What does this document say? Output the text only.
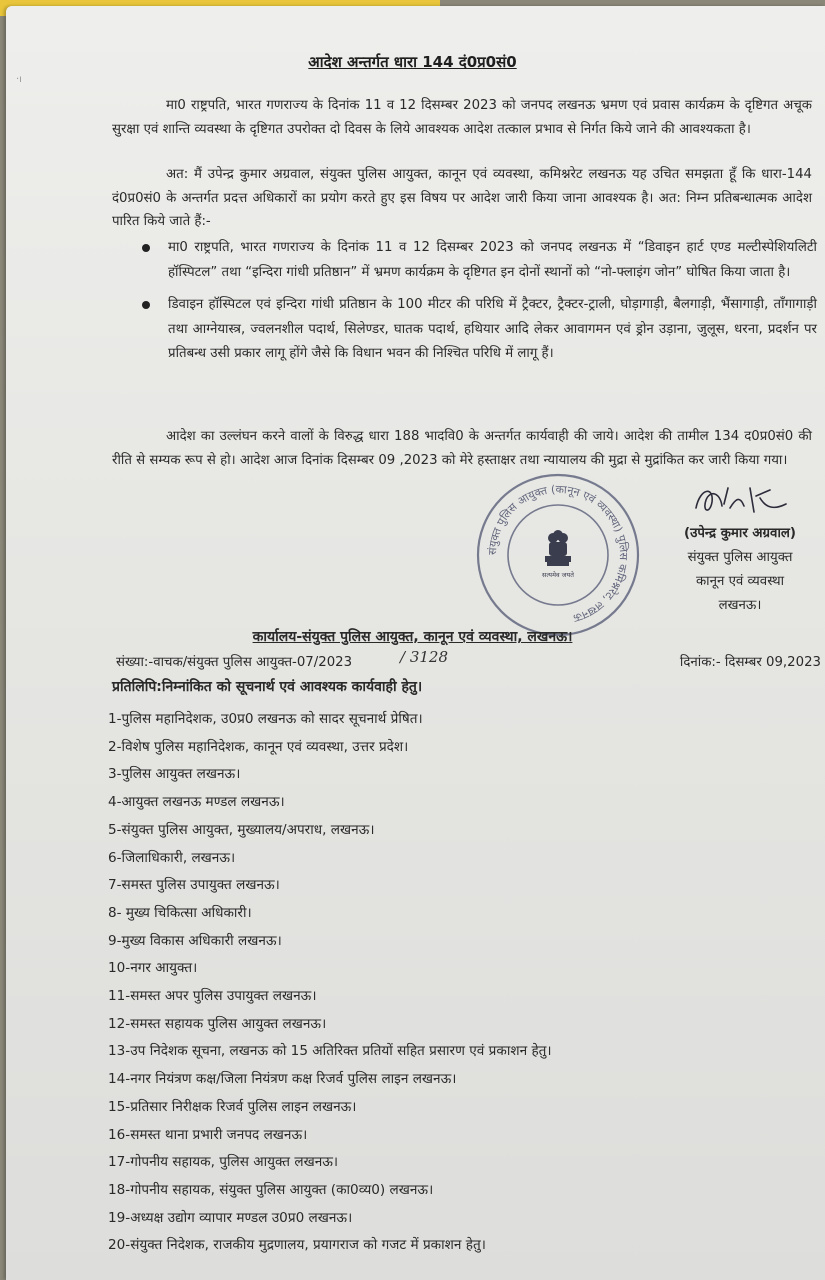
·ı
आदेश अन्तर्गत धारा 144 दं0प्र0सं0

मा0 राष्ट्रपति, भारत गणराज्य के दिनांक 11 व 12 दिसम्बर 2023 को जनपद लखनऊ भ्रमण एवं प्रवास कार्यक्रम के दृष्टिगत अचूक सुरक्षा एवं शान्ति व्यवस्था के दृष्टिगत उपरोक्त दो दिवस के लिये आवश्यक आदेश तत्काल प्रभाव से निर्गत किये जाने की आवश्यकता है।

अत: मैं उपेन्द्र कुमार अग्रवाल, संयुक्त पुलिस आयुक्त, कानून एवं व्यवस्था, कमिश्नरेट लखनऊ यह उचित समझता हूँ कि धारा-144 दं0प्र0सं0 के अन्तर्गत प्रदत्त अधिकारों का प्रयोग करते हुए इस विषय पर आदेश जारी किया जाना आवश्यक है। अत: निम्न प्रतिबन्धात्मक आदेश पारित किये जाते हैं:-

मा0 राष्ट्रपति, भारत गणराज्य के दिनांक 11 व 12 दिसम्बर 2023 को जनपद लखनऊ में “डिवाइन हार्ट एण्ड मल्टीस्पेशियलिटी हॉस्पिटल” तथा “इन्दिरा गांधी प्रतिष्ठान” में भ्रमण कार्यक्रम के दृष्टिगत इन दोनों स्थानों को “नो-फ्लाइंग जोन” घोषित किया जाता है।
डिवाइन हॉस्पिटल एवं इन्दिरा गांधी प्रतिष्ठान के 100 मीटर की परिधि में ट्रैक्टर, ट्रैक्टर-ट्राली, घोड़ागाड़ी, बैलगाड़ी, भैंसागाड़ी, ताँगागाड़ी तथा आग्नेयास्त्र, ज्वलनशील पदार्थ, सिलेण्डर, घातक पदार्थ, हथियार आदि लेकर आवागमन एवं ड्रोन उड़ाना, जुलूस, धरना, प्रदर्शन पर प्रतिबन्ध उसी प्रकार लागू होंगे जैसे कि विधान भवन की निश्चित परिधि में लागू हैं।

आदेश का उल्लंघन करने वालों के विरुद्ध धारा 188 भादवि0 के अन्तर्गत कार्यवाही की जाये। आदेश की तामील 134 द0प्र0सं0 की रीति से सम्यक रूप से हो। आदेश आज दिनांक दिसम्बर 09 ,2023 को मेरे हस्ताक्षर तथा न्यायालय की मुद्रा से मुद्रांकित कर जारी किया गया।

संयुक्त पुलिस आयुक्त (कानून एवं व्यवस्था) पुलिस कमिश्नरेट, लखनऊ
सत्यमेव जयते
(उपेन्द्र कुमार अग्रवाल)
संयुक्त पुलिस आयुक्त
कानून एवं व्यवस्था
लखनऊ।
कार्यालय-संयुक्त पुलिस आयुक्त, कानून एवं व्यवस्था, लखनऊ।
संख्या:-वाचक/संयुक्त पुलिस आयुक्त-07/2023	/ 3128	दिनांक:- दिसम्बर 09,2023
प्रतिलिपि:निम्नांकित को सूचनार्थ एवं आवश्यक कार्यवाही हेतु।
1-पुलिस महानिदेशक, उ0प्र0 लखनऊ को सादर सूचनार्थ प्रेषित।
2-विशेष पुलिस महानिदेशक, कानून एवं व्यवस्था, उत्तर प्रदेश।
3-पुलिस आयुक्त लखनऊ।
4-आयुक्त लखनऊ मण्डल लखनऊ।
5-संयुक्त पुलिस आयुक्त, मुख्यालय/अपराध, लखनऊ।
6-जिलाधिकारी, लखनऊ।
7-समस्त पुलिस उपायुक्त लखनऊ।
8- मुख्य चिकित्सा अधिकारी।
9-मुख्य विकास अधिकारी लखनऊ।
10-नगर आयुक्त।
11-समस्त अपर पुलिस उपायुक्त लखनऊ।
12-समस्त सहायक पुलिस आयुक्त लखनऊ।
13-उप निदेशक सूचना, लखनऊ को 15 अतिरिक्त प्रतियों सहित प्रसारण एवं प्रकाशन हेतु।
14-नगर नियंत्रण कक्ष/जिला नियंत्रण कक्ष रिजर्व पुलिस लाइन लखनऊ।
15-प्रतिसार निरीक्षक रिजर्व पुलिस लाइन लखनऊ।
16-समस्त थाना प्रभारी जनपद लखनऊ।
17-गोपनीय सहायक, पुलिस आयुक्त लखनऊ।
18-गोपनीय सहायक, संयुक्त पुलिस आयुक्त (का0व्य0) लखनऊ।
19-अध्यक्ष उद्योग व्यापार मण्डल उ0प्र0 लखनऊ।
20-संयुक्त निदेशक, राजकीय मुद्रणालय, प्रयागराज को गजट में प्रकाशन हेतु।
